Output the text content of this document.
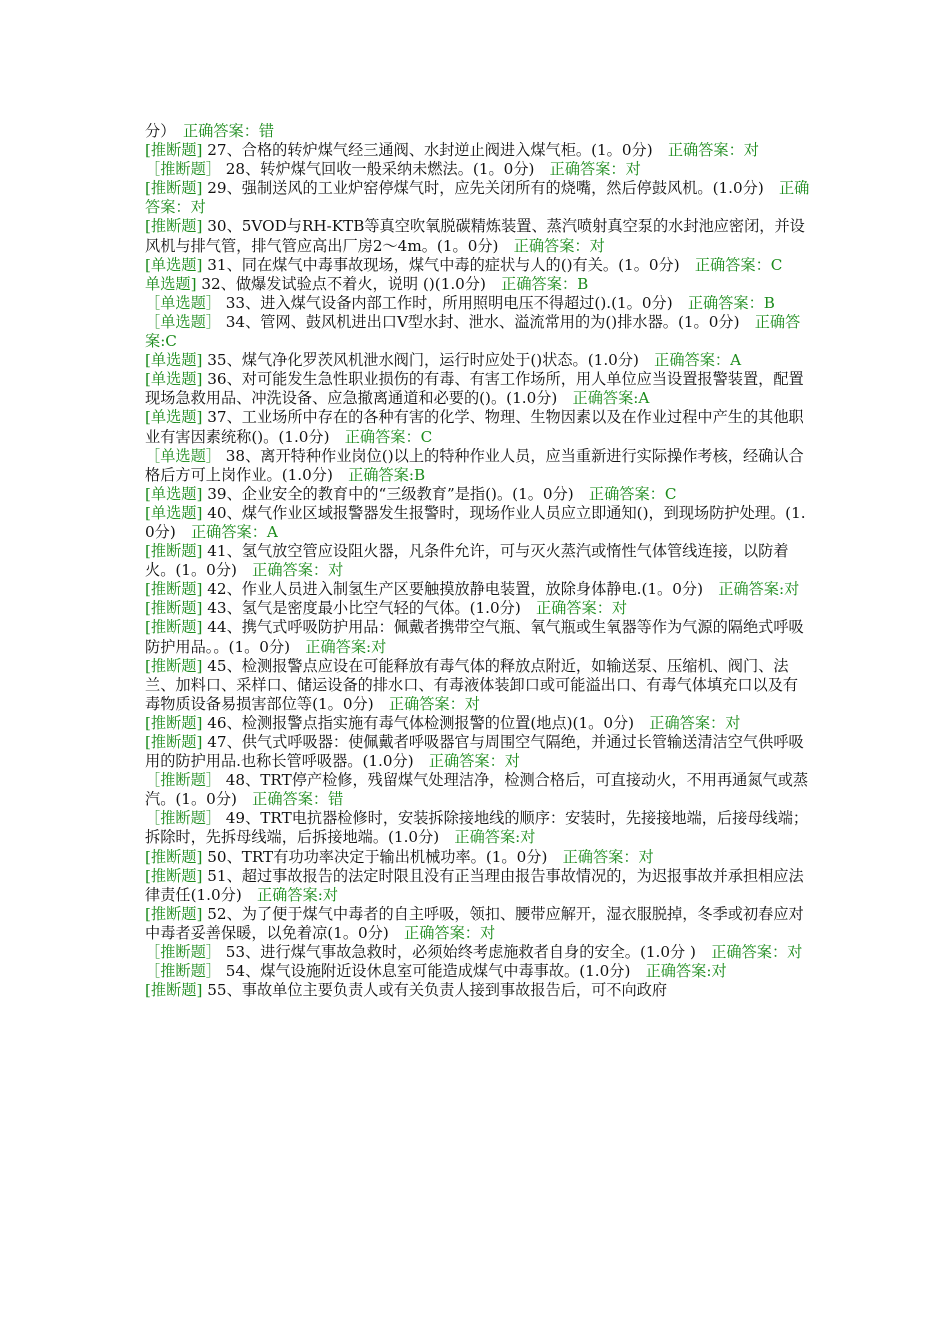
分）　正确答案：错

[推断题] 27、合格的转炉煤气经三通阀、水封逆止阀进入煤气柜。(1。0分)　正确答案：对

［推断题］ 28、转炉煤气回收一般采纳未燃法。(1。0分)　正确答案：对

[推断题] 29、强制送风的工业炉窑停煤气时，应先关闭所有的烧嘴，然后停鼓风机。(1.0分)　正确答案：对

[推断题] 30、5VOD与RH-KTB等真空吹氧脱碳精炼装置、蒸汽喷射真空泵的水封池应密闭，并设风机与排气管，排气管应高出厂房2～4m。(1。0分)　正确答案：对

[单选题] 31、同在煤气中毒事故现场，煤气中毒的症状与人的()有关。(1。0分)　正确答案：C

单选题] 32、做爆发试验点不着火，说明 ()(1.0分)　正确答案：B

［单选题］ 33、进入煤气设备内部工作时，所用照明电压不得超过().(1。0分)　正确答案：B

［单选题］ 34、管网、鼓风机进出口V型水封、泄水、溢流常用的为()排水器。(1。0分)　正确答案:C

[单选题] 35、煤气净化罗茨风机泄水阀门，运行时应处于()状态。(1.0分)　正确答案：A

[单选题] 36、对可能发生急性职业损伤的有毒、有害工作场所，用人单位应当设置报警装置，配置现场急救用品、冲洗设备、应急撤离通道和必要的()。(1.0分)　正确答案:A

[单选题] 37、工业场所中存在的各种有害的化学、物理、生物因素以及在作业过程中产生的其他职业有害因素统称()。(1.0分)　正确答案：C

［单选题］ 38、离开特种作业岗位()以上的特种作业人员，应当重新进行实际操作考核，经确认合格后方可上岗作业。(1.0分)　正确答案:B

[单选题] 39、企业安全的教育中的“三级教育”是指()。(1。0分)　正确答案：C

[单选题] 40、煤气作业区域报警器发生报警时，现场作业人员应立即通知()，到现场防护处理。(1.0分)　正确答案：A

[推断题] 41、氢气放空管应设阻火器，凡条件允许，可与灭火蒸汽或惰性气体管线连接，以防着火。(1。0分)　正确答案：对

[推断题] 42、作业人员进入制氢生产区要触摸放静电装置，放除身体静电.(1。0分)　正确答案:对

[推断题] 43、氢气是密度最小比空气轻的气体。(1.0分)　正确答案：对

[推断题] 44、携气式呼吸防护用品：佩戴者携带空气瓶、氧气瓶或生氧器等作为气源的隔绝式呼吸防护用品。。(1。0分)　正确答案:对

[推断题] 45、检测报警点应设在可能释放有毒气体的释放点附近，如输送泵、压缩机、阀门、法兰、加料口、采样口、储运设备的排水口、有毒液体装卸口或可能溢出口、有毒气体填充口以及有毒物质设备易损害部位等(1。0分)　正确答案：对

[推断题] 46、检测报警点指实施有毒气体检测报警的位置(地点)(1。0分)　正确答案：对

[推断题] 47、供气式呼吸器：使佩戴者呼吸器官与周围空气隔绝，并通过长管输送清洁空气供呼吸用的防护用品.也称长管呼吸器。(1.0分)　正确答案：对

［推断题］ 48、TRT停产检修，残留煤气处理洁净，检测合格后，可直接动火，不用再通氮气或蒸汽。(1。0分)　正确答案：错

［推断题］ 49、TRT电抗器检修时，安装拆除接地线的顺序：安装时，先接接地端，后接母线端；拆除时，先拆母线端，后拆接地端。(1.0分)　正确答案:对

[推断题] 50、TRT有功功率决定于输出机械功率。(1。0分)　正确答案：对

[推断题] 51、超过事故报告的法定时限且没有正当理由报告事故情况的，为迟报事故并承担相应法律责任(1.0分)　正确答案:对

[推断题] 52、为了便于煤气中毒者的自主呼吸，领扣、腰带应解开，湿衣服脱掉，冬季或初春应对中毒者妥善保暖，以免着凉(1。0分)　正确答案：对

［推断题］ 53、进行煤气事故急救时，必须始终考虑施救者自身的安全。(1.0分 )　正确答案：对

［推断题］ 54、煤气设施附近设休息室可能造成煤气中毒事故。(1.0分)　正确答案:对

[推断题] 55、事故单位主要负责人或有关负责人接到事故报告后，可不向政府
